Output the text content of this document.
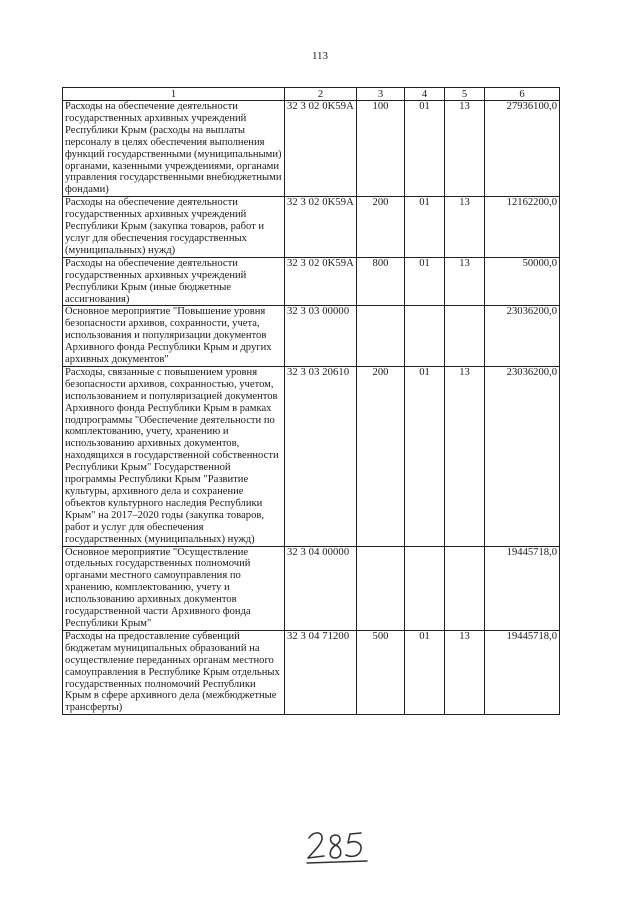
113
1	2	3	4	5	6
Расходы на обеспечение деятельности государственных архивных учреждений Республики Крым (расходы на выплаты персоналу в целях обеспечения выполнения функций государственными (муниципальными) органами, казенными учреждениями, органами управления государственными внебюджетными фондами)	32 3 02 0K59A	100	01	13	27936100,0
Расходы на обеспечение деятельности государственных архивных учреждений Республики Крым (закупка товаров, работ и услуг для обеспечения государственных (муниципальных) нужд)	32 3 02 0K59A	200	01	13	12162200,0
Расходы на обеспечение деятельности государственных архивных учреждений Республики Крым (иные бюджетные ассигнования)	32 3 02 0K59A	800	01	13	50000,0
Основное мероприятие "Повышение уровня безопасности архивов, сохранности, учета, использования и популяризации документов Архивного фонда Республики Крым и других архивных документов"	32 3 03 00000				23036200,0
Расходы, связанные с повышением уровня безопасности архивов, сохранностью, учетом, использованием и популяризацией документов Архивного фонда Республики Крым в рамках подпрограммы "Обеспечение деятельности по комплектованию, учету, хранению и использованию архивных документов, находящихся в государственной собственности Республики Крым" Государственной программы Республики Крым "Развитие культуры, архивного дела и сохранение объектов культурного наследия Республики Крым" на 2017–2020 годы (закупка товаров, работ и услуг для обеспечения государственных (муниципальных) нужд)	32 3 03 20610	200	01	13	23036200,0
Основное мероприятие "Осуществление отдельных государственных полномочий органами местного самоуправления по хранению, комплектованию, учету и использованию архивных документов государственной части Архивного фонда Республики Крым"	32 3 04 00000				19445718,0
Расходы на предоставление субвенций бюджетам муниципальных образований на осуществление переданных органам местного самоуправления в Республике Крым отдельных государственных полномочий Республики Крым в сфере архивного дела (межбюджетные трансферты)	32 3 04 71200	500	01	13	19445718,0
